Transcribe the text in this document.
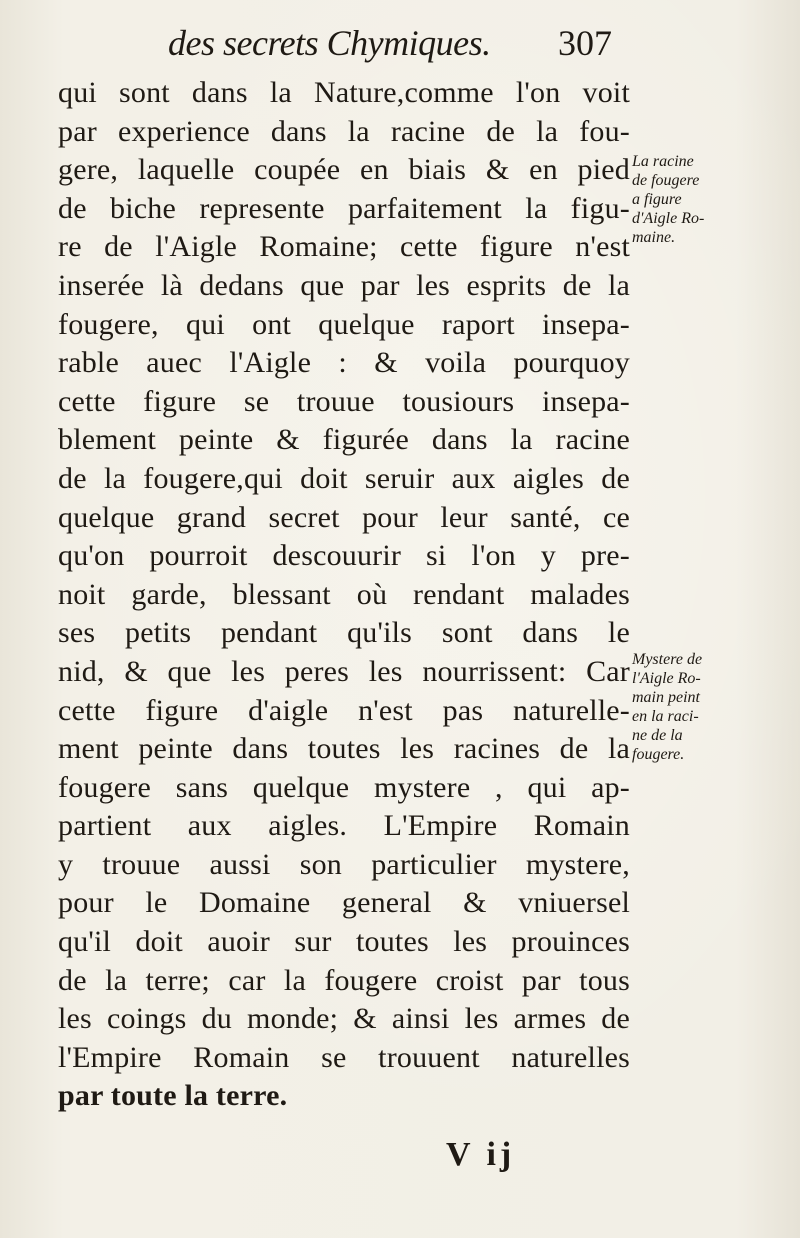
des secrets Chymiques. 307
qui sont dans la Nature,comme l'on voit
par experience dans la racine de la fou-
gere, laquelle coupée en biais & en pied
de biche represente parfaitement la figu-
re de l'Aigle Romaine; cette figure n'est
inserée là dedans que par les esprits de la
fougere, qui ont quelque raport insepa-
rable auec l'Aigle : & voila pourquoy
cette figure se trouue tousiours insepa-
blement peinte & figurée dans la racine
de la fougere,qui doit seruir aux aigles de
quelque grand secret pour leur santé, ce
qu'on pourroit descouurir si l'on y pre-
noit garde, blessant où rendant malades
ses petits pendant qu'ils sont dans le
nid, & que les peres les nourrissent: Car
cette figure d'aigle n'est pas naturelle-
ment peinte dans toutes les racines de la
fougere sans quelque mystere , qui ap-
partient aux aigles. L'Empire Romain
y trouue aussi son particulier mystere,
pour le Domaine general & vniuersel
qu'il doit auoir sur toutes les prouinces
de la terre; car la fougere croist par tous
les coings du monde; & ainsi les armes de
l'Empire Romain se trouuent naturelles
par toute la terre.
La racine
de fougere
a figure
d'Aigle Ro-
maine.
Mystere de
l'Aigle Ro-
main peint
en la raci-
ne de la
fougere.
V ij
